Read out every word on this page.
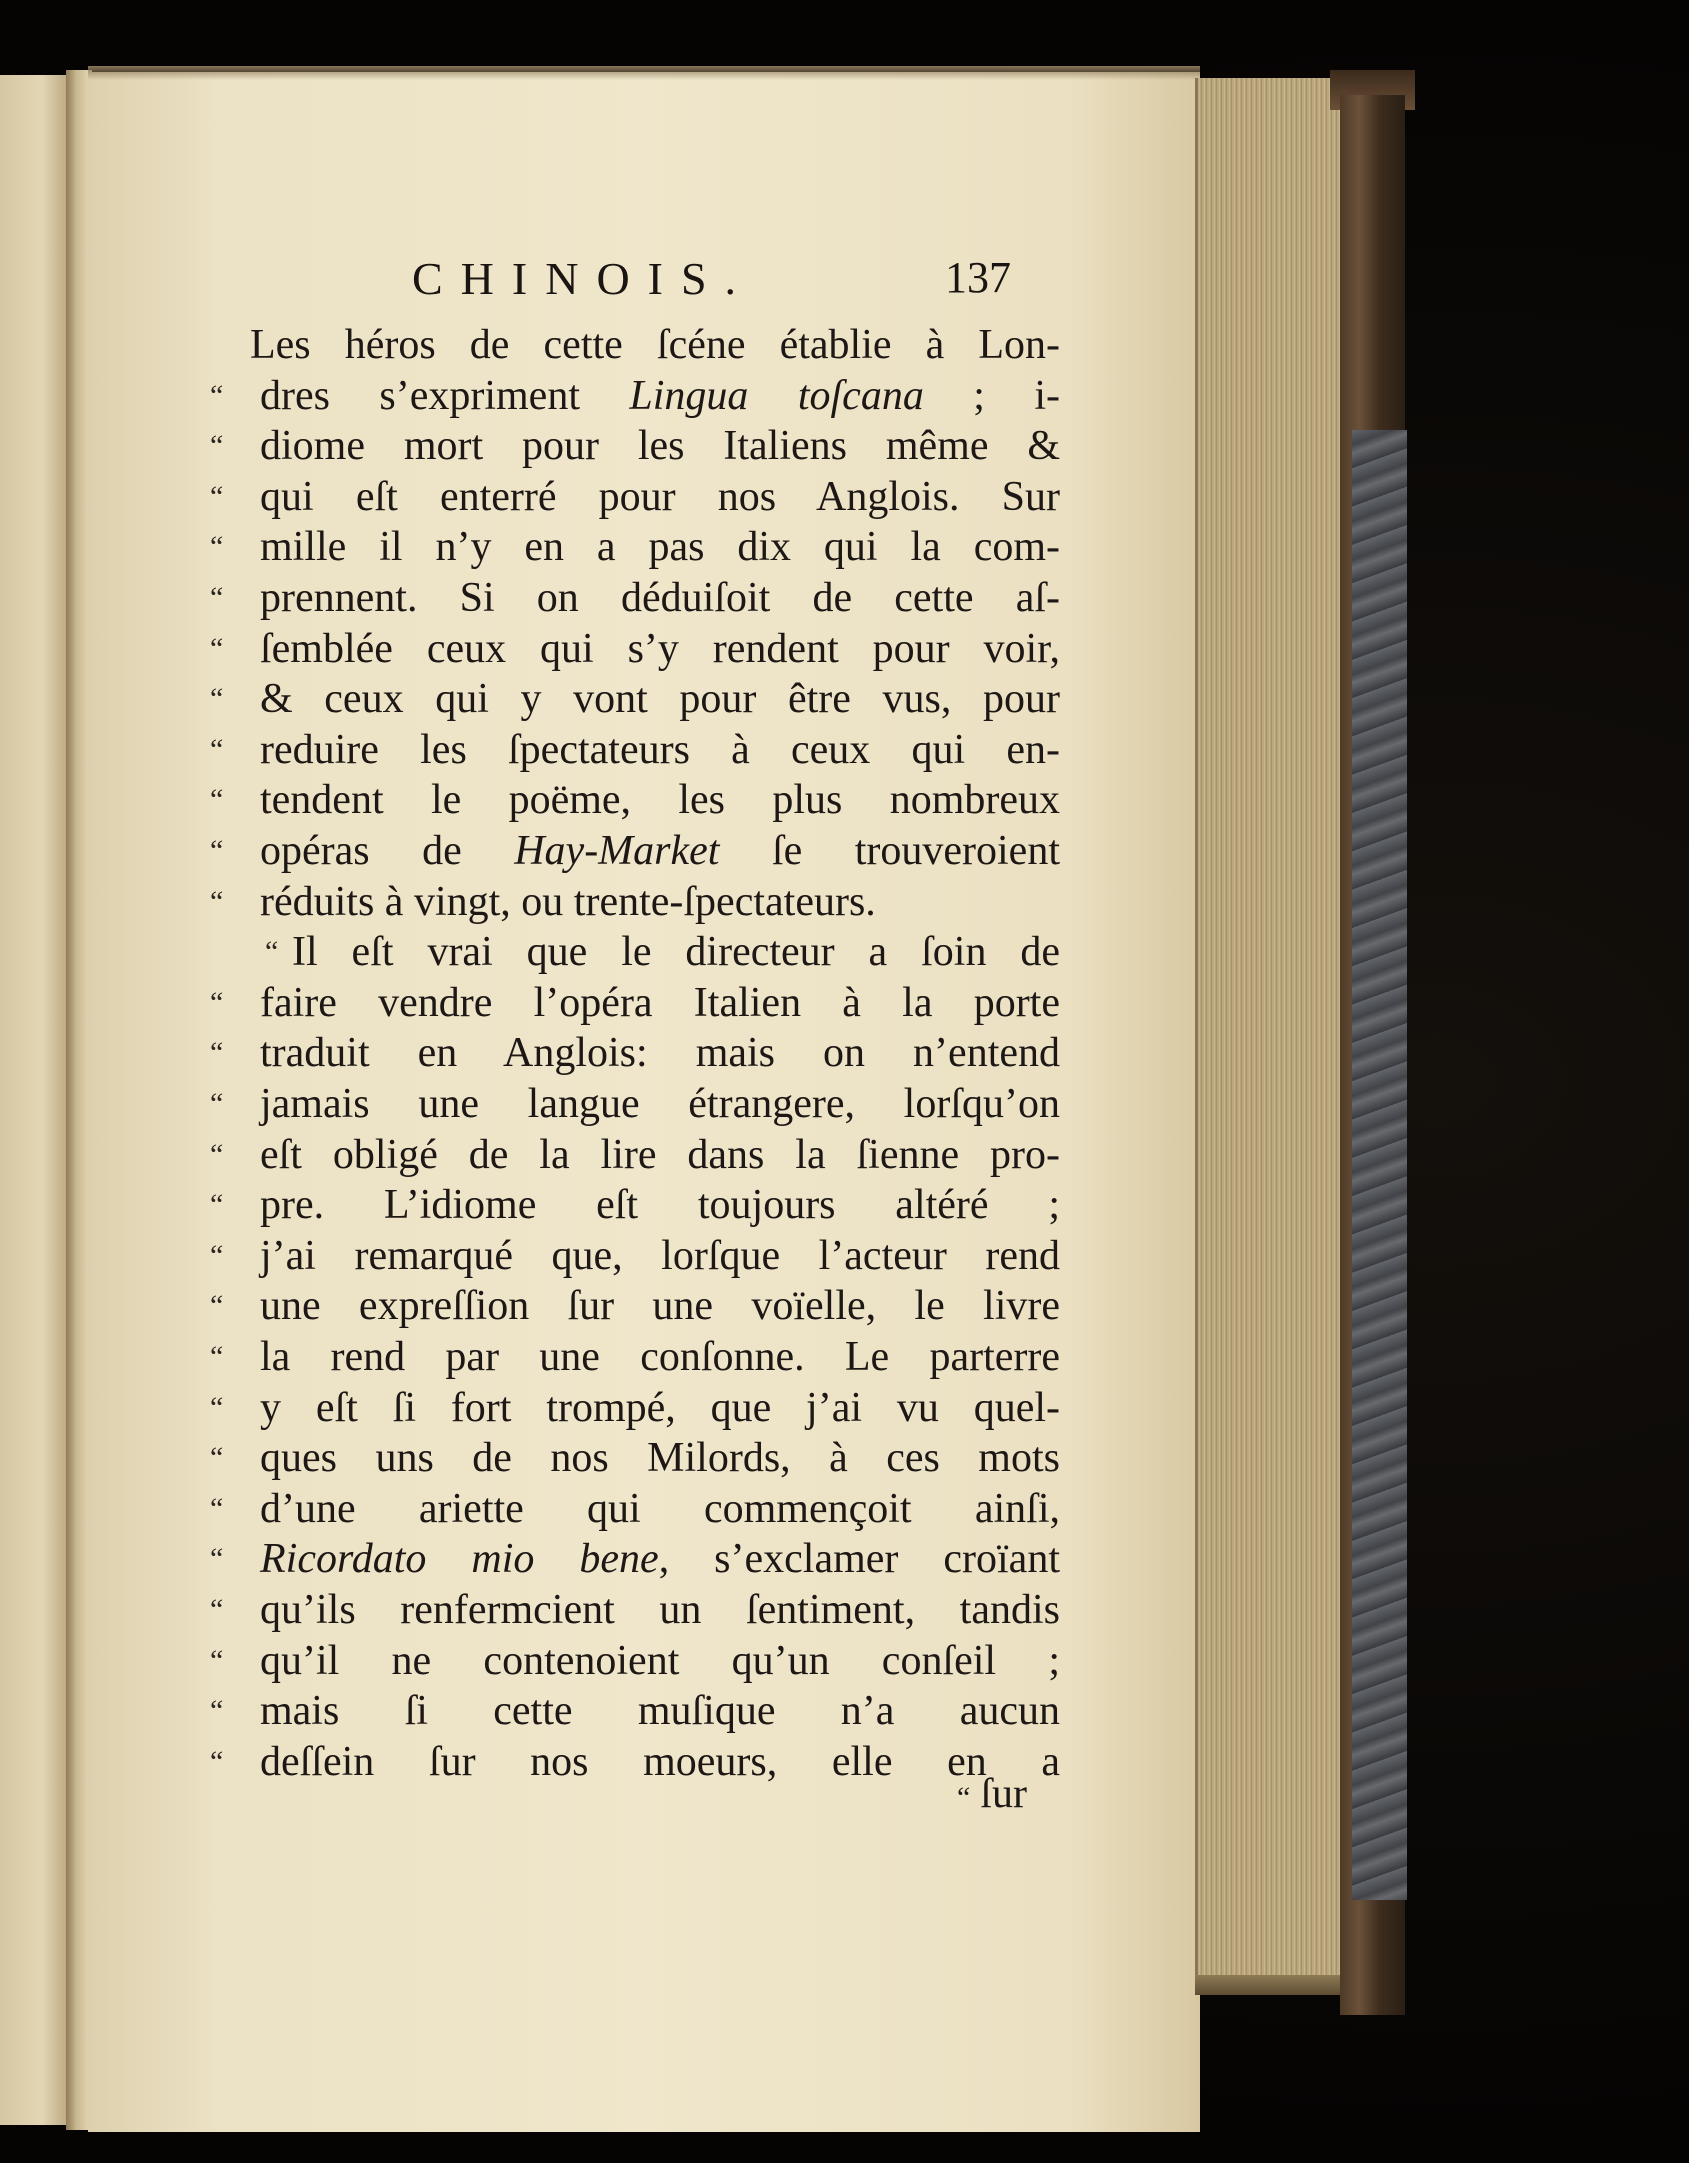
CHINOIS.	137
Les héros de cette ſcéne établie à Lon-
“ dres s’expriment Lingua toſcana ; i-
“ diome mort pour les Italiens même &
“ qui eſt enterré pour nos Anglois. Sur
“ mille il n’y en a pas dix qui la com-
“ prennent. Si on déduiſoit de cette aſ-
“ ſemblée ceux qui s’y rendent pour voir,
“ & ceux qui y vont pour être vus, pour
“ reduire les ſpectateurs à ceux qui en-
“ tendent le poëme, les plus nombreux
“ opéras de Hay-Market ſe trouveroient
“ réduits à vingt, ou trente-ſpectateurs.
“ Il eſt vrai que le directeur a ſoin de
“ faire vendre l’opéra Italien à la porte
“ traduit en Anglois: mais on n’entend
“ jamais une langue étrangere, lorſqu’on
“ eſt obligé de la lire dans la ſienne pro-
“ pre. L’idiome eſt toujours altéré ;
“ j’ai remarqué que, lorſque l’acteur rend
“ une expreſſion ſur une voïelle, le livre
“ la rend par une conſonne. Le parterre
“ y eſt ſi fort trompé, que j’ai vu quel-
“ ques uns de nos Milords, à ces mots
“ d’une ariette qui commençoit ainſi,
“ Ricordato mio bene, s’exclamer croïant
“ qu’ils renfermcient un ſentiment, tandis
“ qu’il ne contenoient qu’un conſeil ;
“ mais ſi cette muſique n’a aucun
“ deſſein ſur nos moeurs, elle en a
“ ſur
